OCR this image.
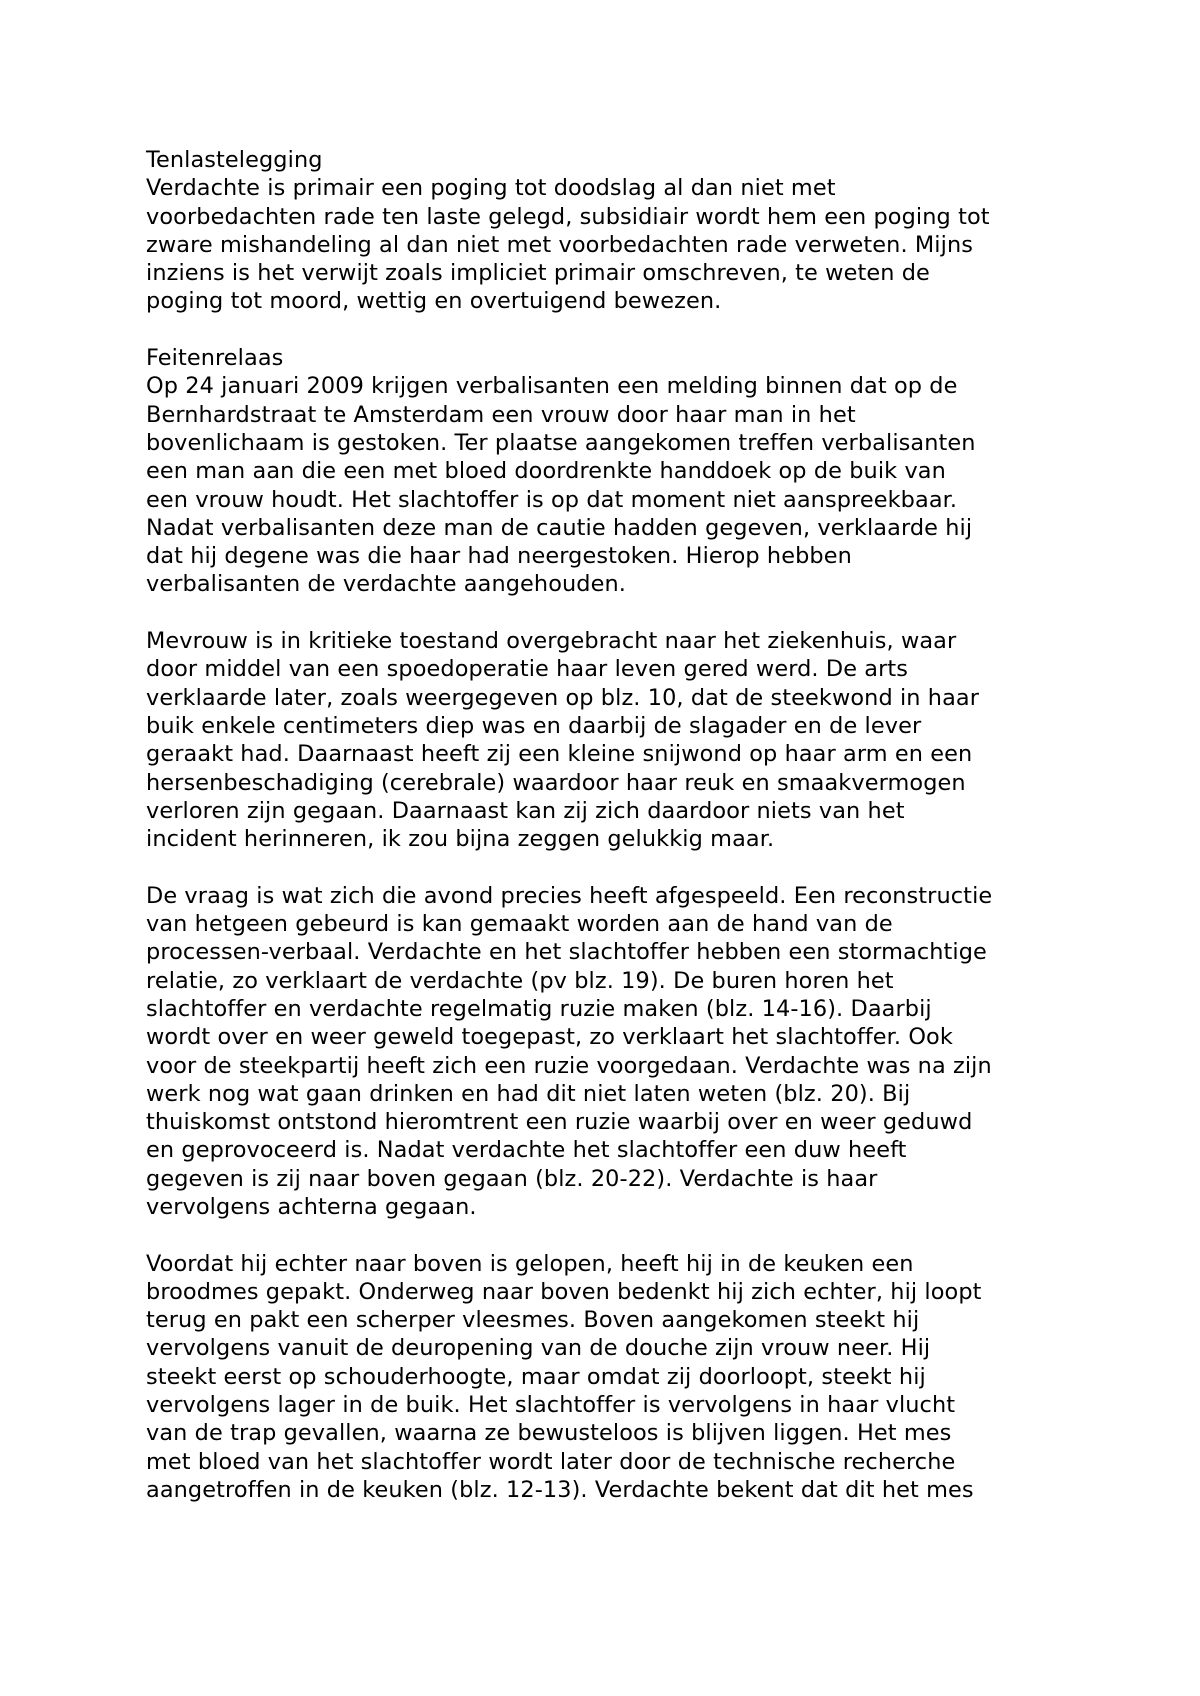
Tenlastelegging
Verdachte is primair een poging tot doodslag al dan niet met
voorbedachten rade ten laste gelegd, subsidiair wordt hem een poging tot
zware mishandeling al dan niet met voorbedachten rade verweten. Mijns
inziens is het verwijt zoals impliciet primair omschreven, te weten de
poging tot moord, wettig en overtuigend bewezen.
Feitenrelaas
Op 24 januari 2009 krijgen verbalisanten een melding binnen dat op de
Bernhardstraat te Amsterdam een vrouw door haar man in het
bovenlichaam is gestoken. Ter plaatse aangekomen treffen verbalisanten
een man aan die een met bloed doordrenkte handdoek op de buik van
een vrouw houdt. Het slachtoffer is op dat moment niet aanspreekbaar.
Nadat verbalisanten deze man de cautie hadden gegeven, verklaarde hij
dat hij degene was die haar had neergestoken. Hierop hebben
verbalisanten de verdachte aangehouden.
Mevrouw is in kritieke toestand overgebracht naar het ziekenhuis, waar
door middel van een spoedoperatie haar leven gered werd. De arts
verklaarde later, zoals weergegeven op blz. 10, dat de steekwond in haar
buik enkele centimeters diep was en daarbij de slagader en de lever
geraakt had. Daarnaast heeft zij een kleine snijwond op haar arm en een
hersenbeschadiging (cerebrale) waardoor haar reuk en smaakvermogen
verloren zijn gegaan. Daarnaast kan zij zich daardoor niets van het
incident herinneren, ik zou bijna zeggen gelukkig maar.
De vraag is wat zich die avond precies heeft afgespeeld. Een reconstructie
van hetgeen gebeurd is kan gemaakt worden aan de hand van de
processen-verbaal. Verdachte en het slachtoffer hebben een stormachtige
relatie, zo verklaart de verdachte (pv blz. 19). De buren horen het
slachtoffer en verdachte regelmatig ruzie maken (blz. 14-16). Daarbij
wordt over en weer geweld toegepast, zo verklaart het slachtoffer. Ook
voor de steekpartij heeft zich een ruzie voorgedaan. Verdachte was na zijn
werk nog wat gaan drinken en had dit niet laten weten (blz. 20). Bij
thuiskomst ontstond hieromtrent een ruzie waarbij over en weer geduwd
en geprovoceerd is. Nadat verdachte het slachtoffer een duw heeft
gegeven is zij naar boven gegaan (blz. 20-22). Verdachte is haar
vervolgens achterna gegaan.
Voordat hij echter naar boven is gelopen, heeft hij in de keuken een
broodmes gepakt. Onderweg naar boven bedenkt hij zich echter, hij loopt
terug en pakt een scherper vleesmes. Boven aangekomen steekt hij
vervolgens vanuit de deuropening van de douche zijn vrouw neer. Hij
steekt eerst op schouderhoogte, maar omdat zij doorloopt, steekt hij
vervolgens lager in de buik. Het slachtoffer is vervolgens in haar vlucht
van de trap gevallen, waarna ze bewusteloos is blijven liggen. Het mes
met bloed van het slachtoffer wordt later door de technische recherche
aangetroffen in de keuken (blz. 12-13). Verdachte bekent dat dit het mes
